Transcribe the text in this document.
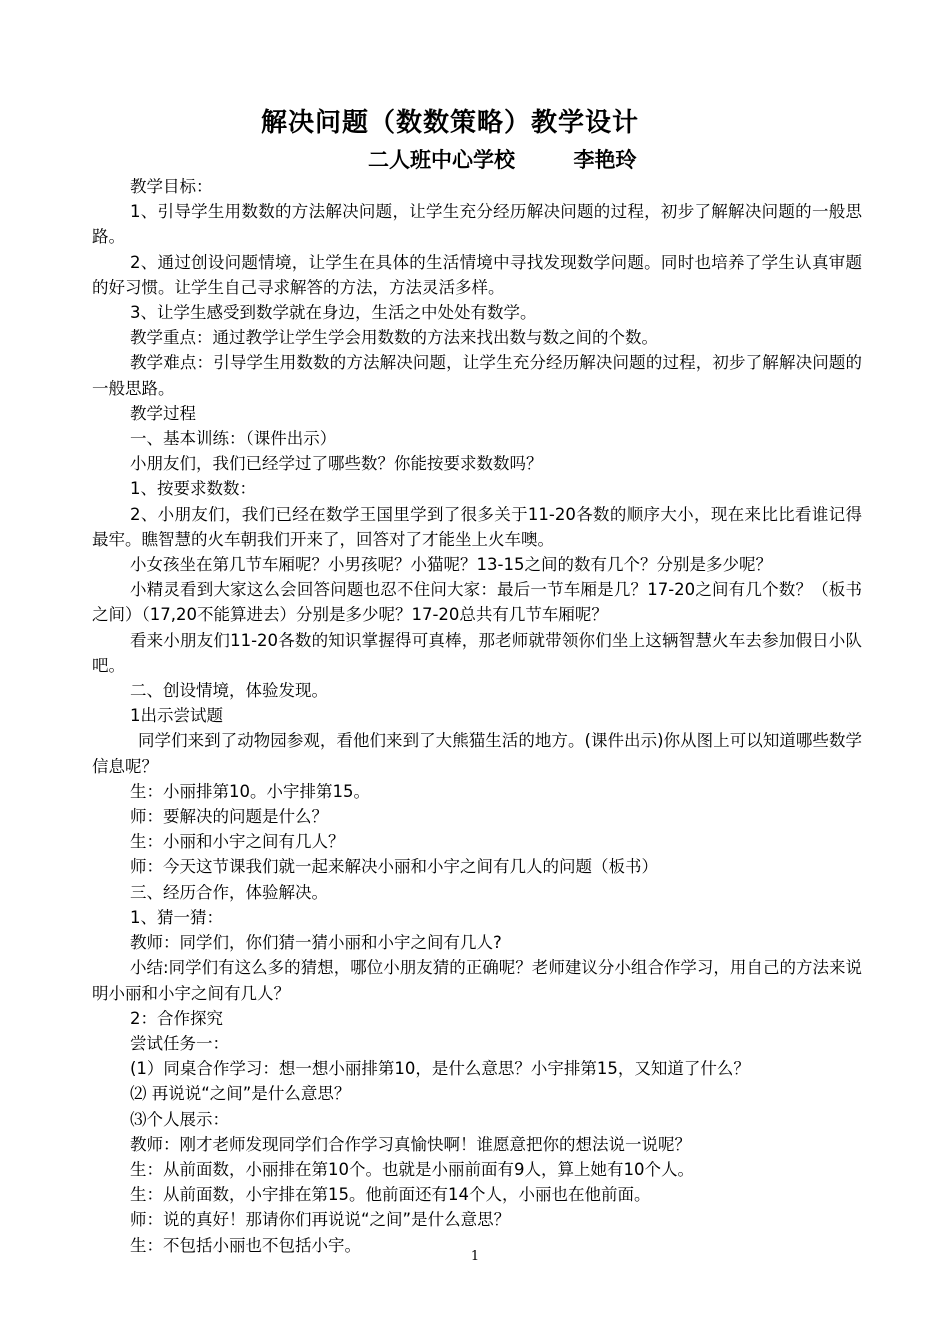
解决问题（数数策略）教学设计
二人班中心学校        李艳玲

教学目标：

1、引导学生用数数的方法解决问题，让学生充分经历解决问题的过程，初步了解解决问题的一般思路。

2、通过创设问题情境，让学生在具体的生活情境中寻找发现数学问题。同时也培养了学生认真审题的好习惯。让学生自己寻求解答的方法，方法灵活多样。

3、让学生感受到数学就在身边，生活之中处处有数学。

教学重点：通过教学让学生学会用数数的方法来找出数与数之间的个数。

教学难点：引导学生用数数的方法解决问题，让学生充分经历解决问题的过程，初步了解解决问题的一般思路。

教学过程

一、基本训练：（课件出示）

小朋友们，我们已经学过了哪些数？你能按要求数数吗？

1、按要求数数：

2、小朋友们，我们已经在数学王国里学到了很多关于11-20各数的顺序大小，现在来比比看谁记得最牢。瞧智慧的火车朝我们开来了，回答对了才能坐上火车噢。

小女孩坐在第几节车厢呢？小男孩呢？小猫呢？13-15之间的数有几个？分别是多少呢？

小精灵看到大家这么会回答问题也忍不住问大家：最后一节车厢是几？17-20之间有几个数？（板书之间）（17,20不能算进去）分别是多少呢？17-20总共有几节车厢呢？

看来小朋友们11-20各数的知识掌握得可真棒，那老师就带领你们坐上这辆智慧火车去参加假日小队吧。

二、创设情境，体验发现。

1出示尝试题

同学们来到了动物园参观，看他们来到了大熊猫生活的地方。(课件出示)你从图上可以知道哪些数学信息呢？

生：小丽排第10。小宇排第15。

师：要解决的问题是什么？

生：小丽和小宇之间有几人？

师：今天这节课我们就一起来解决小丽和小宇之间有几人的问题（板书）

三、经历合作，体验解决。

1、猜一猜：

教师：同学们，你们猜一猜小丽和小宇之间有几人?

小结:同学们有这么多的猜想，哪位小朋友猜的正确呢？老师建议分小组合作学习，用自己的方法来说明小丽和小宇之间有几人？

2：合作探究

尝试任务一：

(1）同桌合作学习：想一想小丽排第10，是什么意思？小宇排第15，又知道了什么？

⑵ 再说说“之间”是什么意思？

⑶个人展示：

教师：刚才老师发现同学们合作学习真愉快啊！谁愿意把你的想法说一说呢？

生：从前面数，小丽排在第10个。也就是小丽前面有9人，算上她有10个人。

生：从前面数，小宇排在第15。他前面还有14个人，小丽也在他前面。

师：说的真好！那请你们再说说“之间”是什么意思？

生：不包括小丽也不包括小宇。

1
